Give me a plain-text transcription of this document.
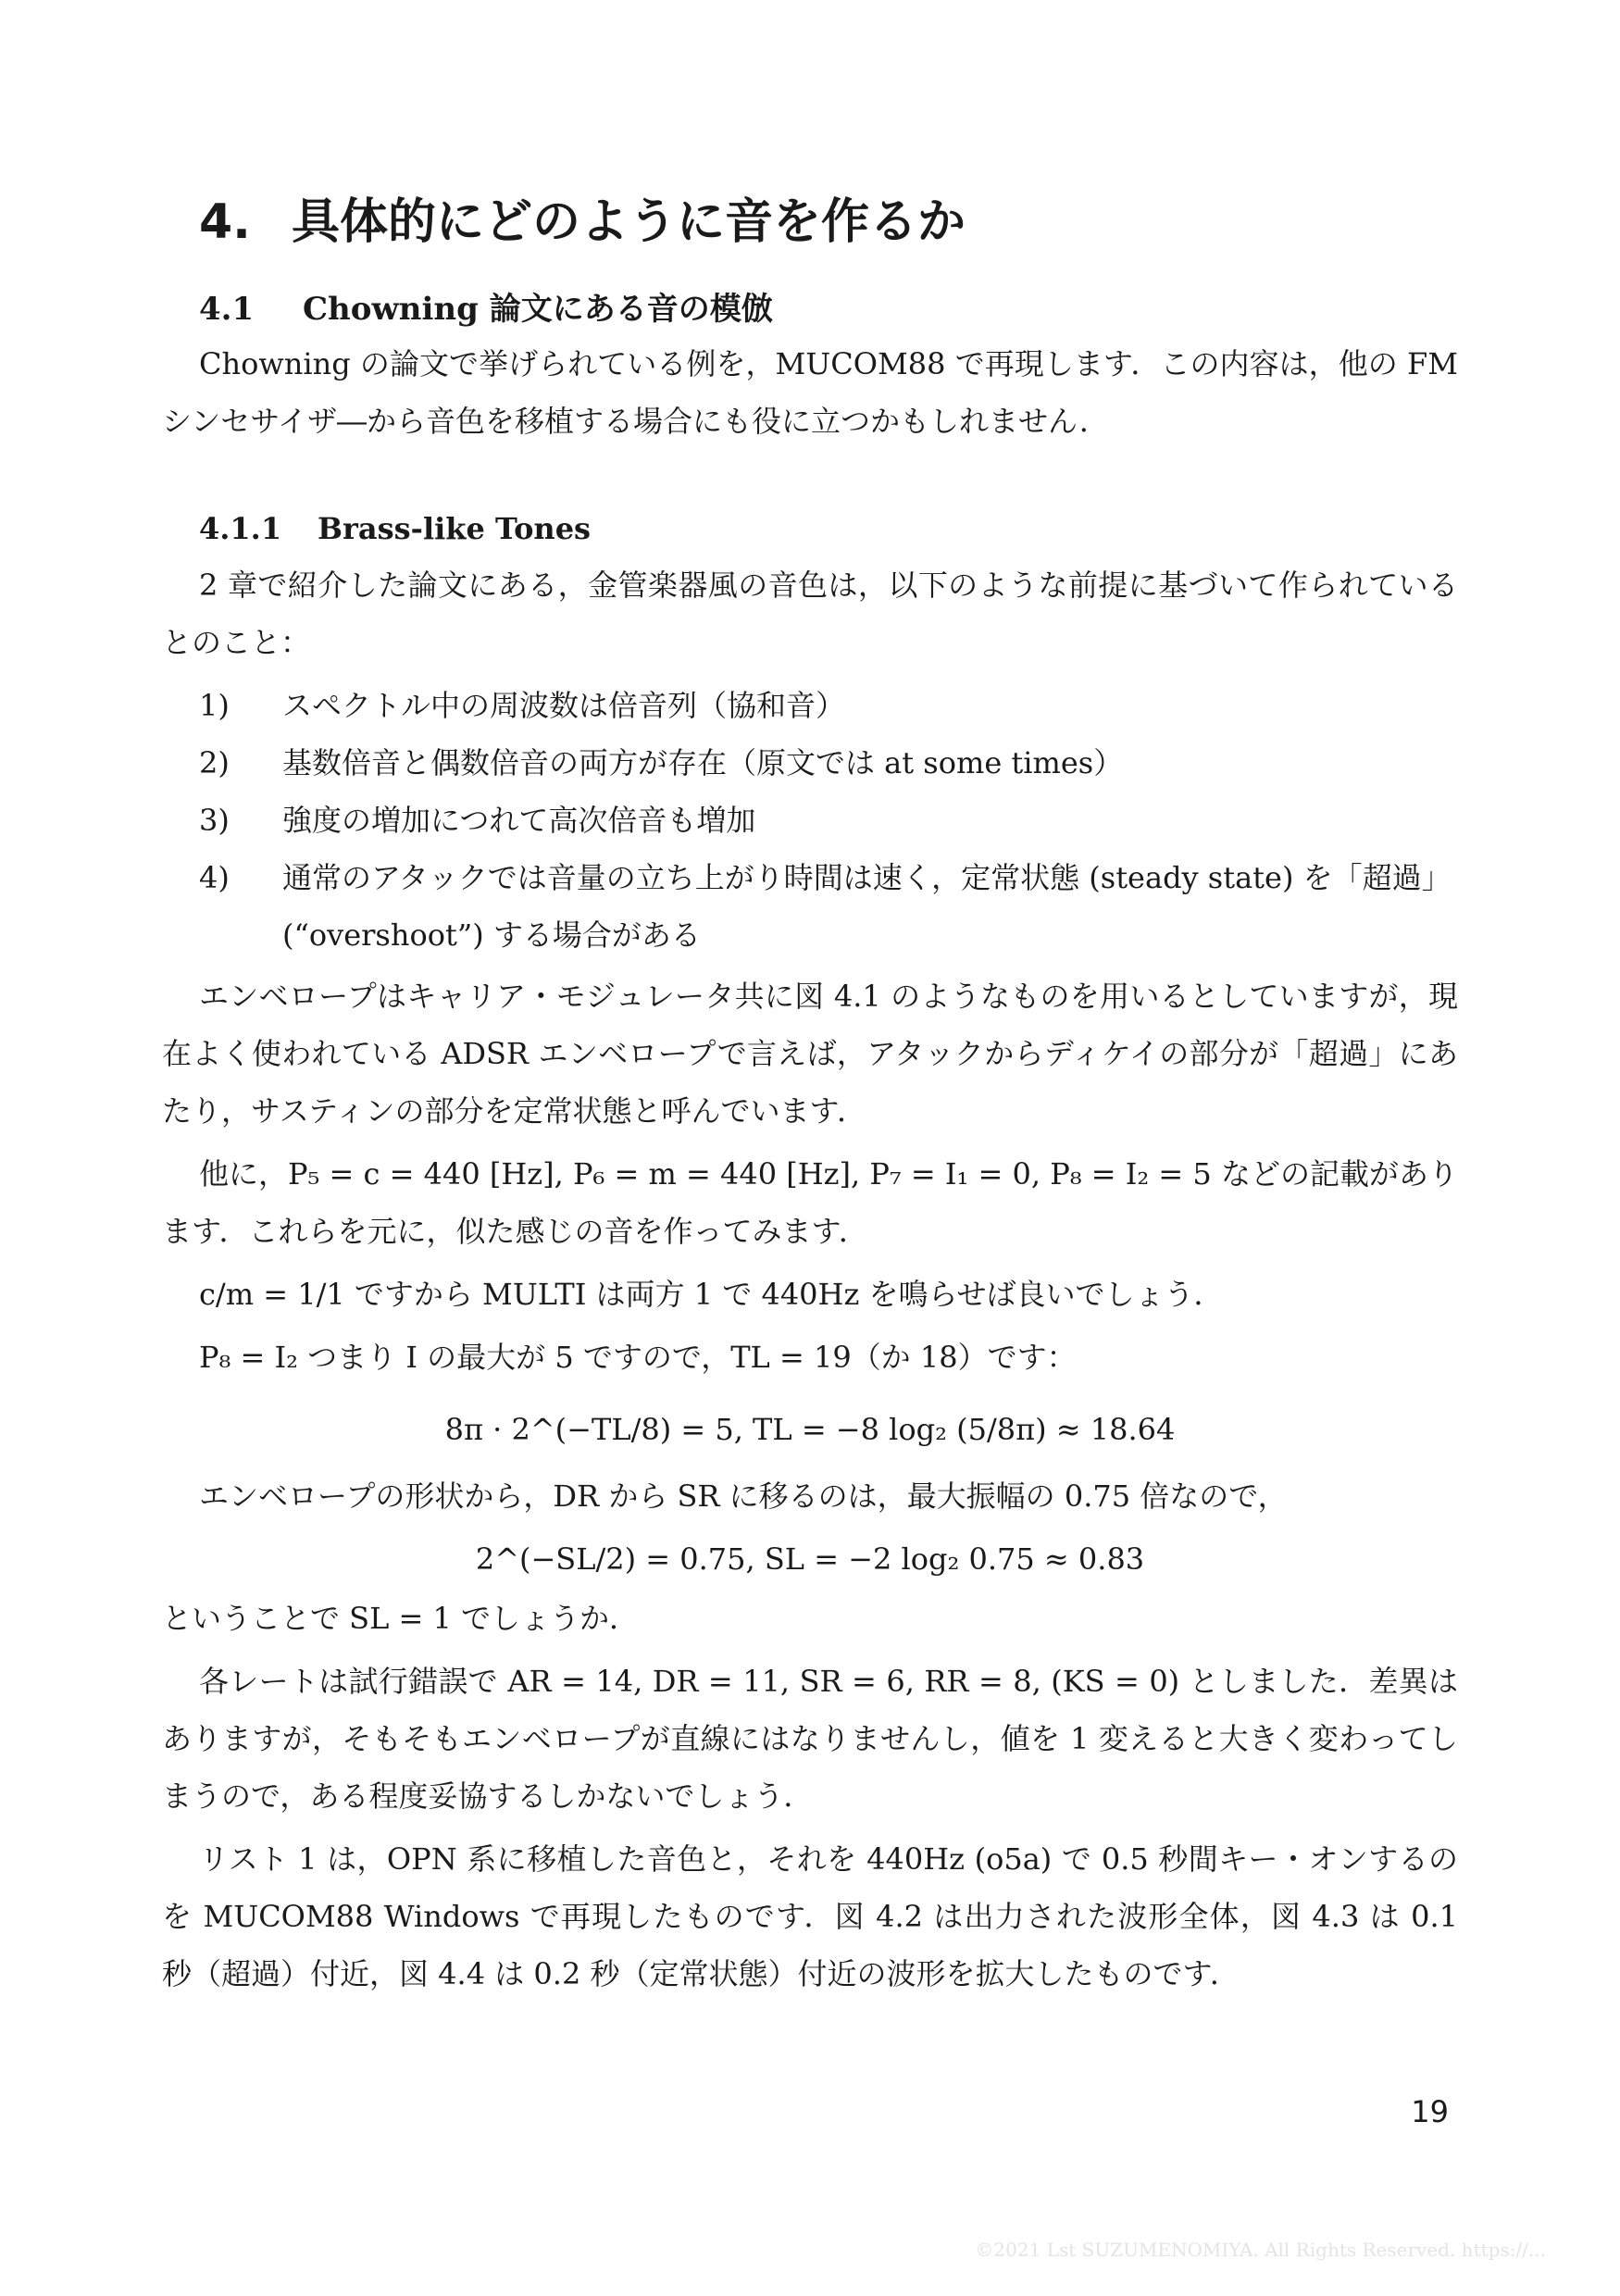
4. 具体的にどのように音を作るか
4.1 Chowning 論文にある音の模倣

Chowning の論文で挙げられている例を，MUCOM88 で再現します．この内容は，他の FM シンセサイザ―から音色を移植する場合にも役に立つかもしれません．

4.1.1 Brass-like Tones

2 章で紹介した論文にある，金管楽器風の音色は，以下のような前提に基づいて作られているとのこと：

1) スペクトル中の周波数は倍音列（協和音）
2) 基数倍音と偶数倍音の両方が存在（原文では at some times）
3) 強度の増加につれて高次倍音も増加
4) 通常のアタックでは音量の立ち上がり時間は速く，定常状態 (steady state) を「超過」(“overshoot”) する場合がある

エンベロープはキャリア・モジュレータ共に図 4.1 のようなものを用いるとしていますが，現在よく使われている ADSR エンベロープで言えば，アタックからディケイの部分が「超過」にあたり，サスティンの部分を定常状態と呼んでいます．

他に，P₅ = c = 440 [Hz], P₆ = m = 440 [Hz], P₇ = I₁ = 0, P₈ = I₂ = 5 などの記載があります．これらを元に，似た感じの音を作ってみます．

c/m = 1/1 ですから MULTI は両方 1 で 440Hz を鳴らせば良いでしょう．

P₈ = I₂ つまり I の最大が 5 ですので，TL = 19（か 18）です：

8π · 2^(−TL/8) = 5, TL = −8 log₂ (5/8π) ≈ 18.64

エンベロープの形状から，DR から SR に移るのは，最大振幅の 0.75 倍なので，

2^(−SL/2) = 0.75, SL = −2 log₂ 0.75 ≈ 0.83

ということで SL = 1 でしょうか．

各レートは試行錯誤で AR = 14, DR = 11, SR = 6, RR = 8, (KS = 0) としました．差異はありますが，そもそもエンベロープが直線にはなりませんし，値を 1 変えると大きく変わってしまうので，ある程度妥協するしかないでしょう．

リスト 1 は，OPN 系に移植した音色と，それを 440Hz (o5a) で 0.5 秒間キー・オンするのを MUCOM88 Windows で再現したものです．図 4.2 は出力された波形全体，図 4.3 は 0.1 秒（超過）付近，図 4.4 は 0.2 秒（定常状態）付近の波形を拡大したものです．

19
©2021 Lst SUZUMENOMIYA. All Rights Reserved. https://...
